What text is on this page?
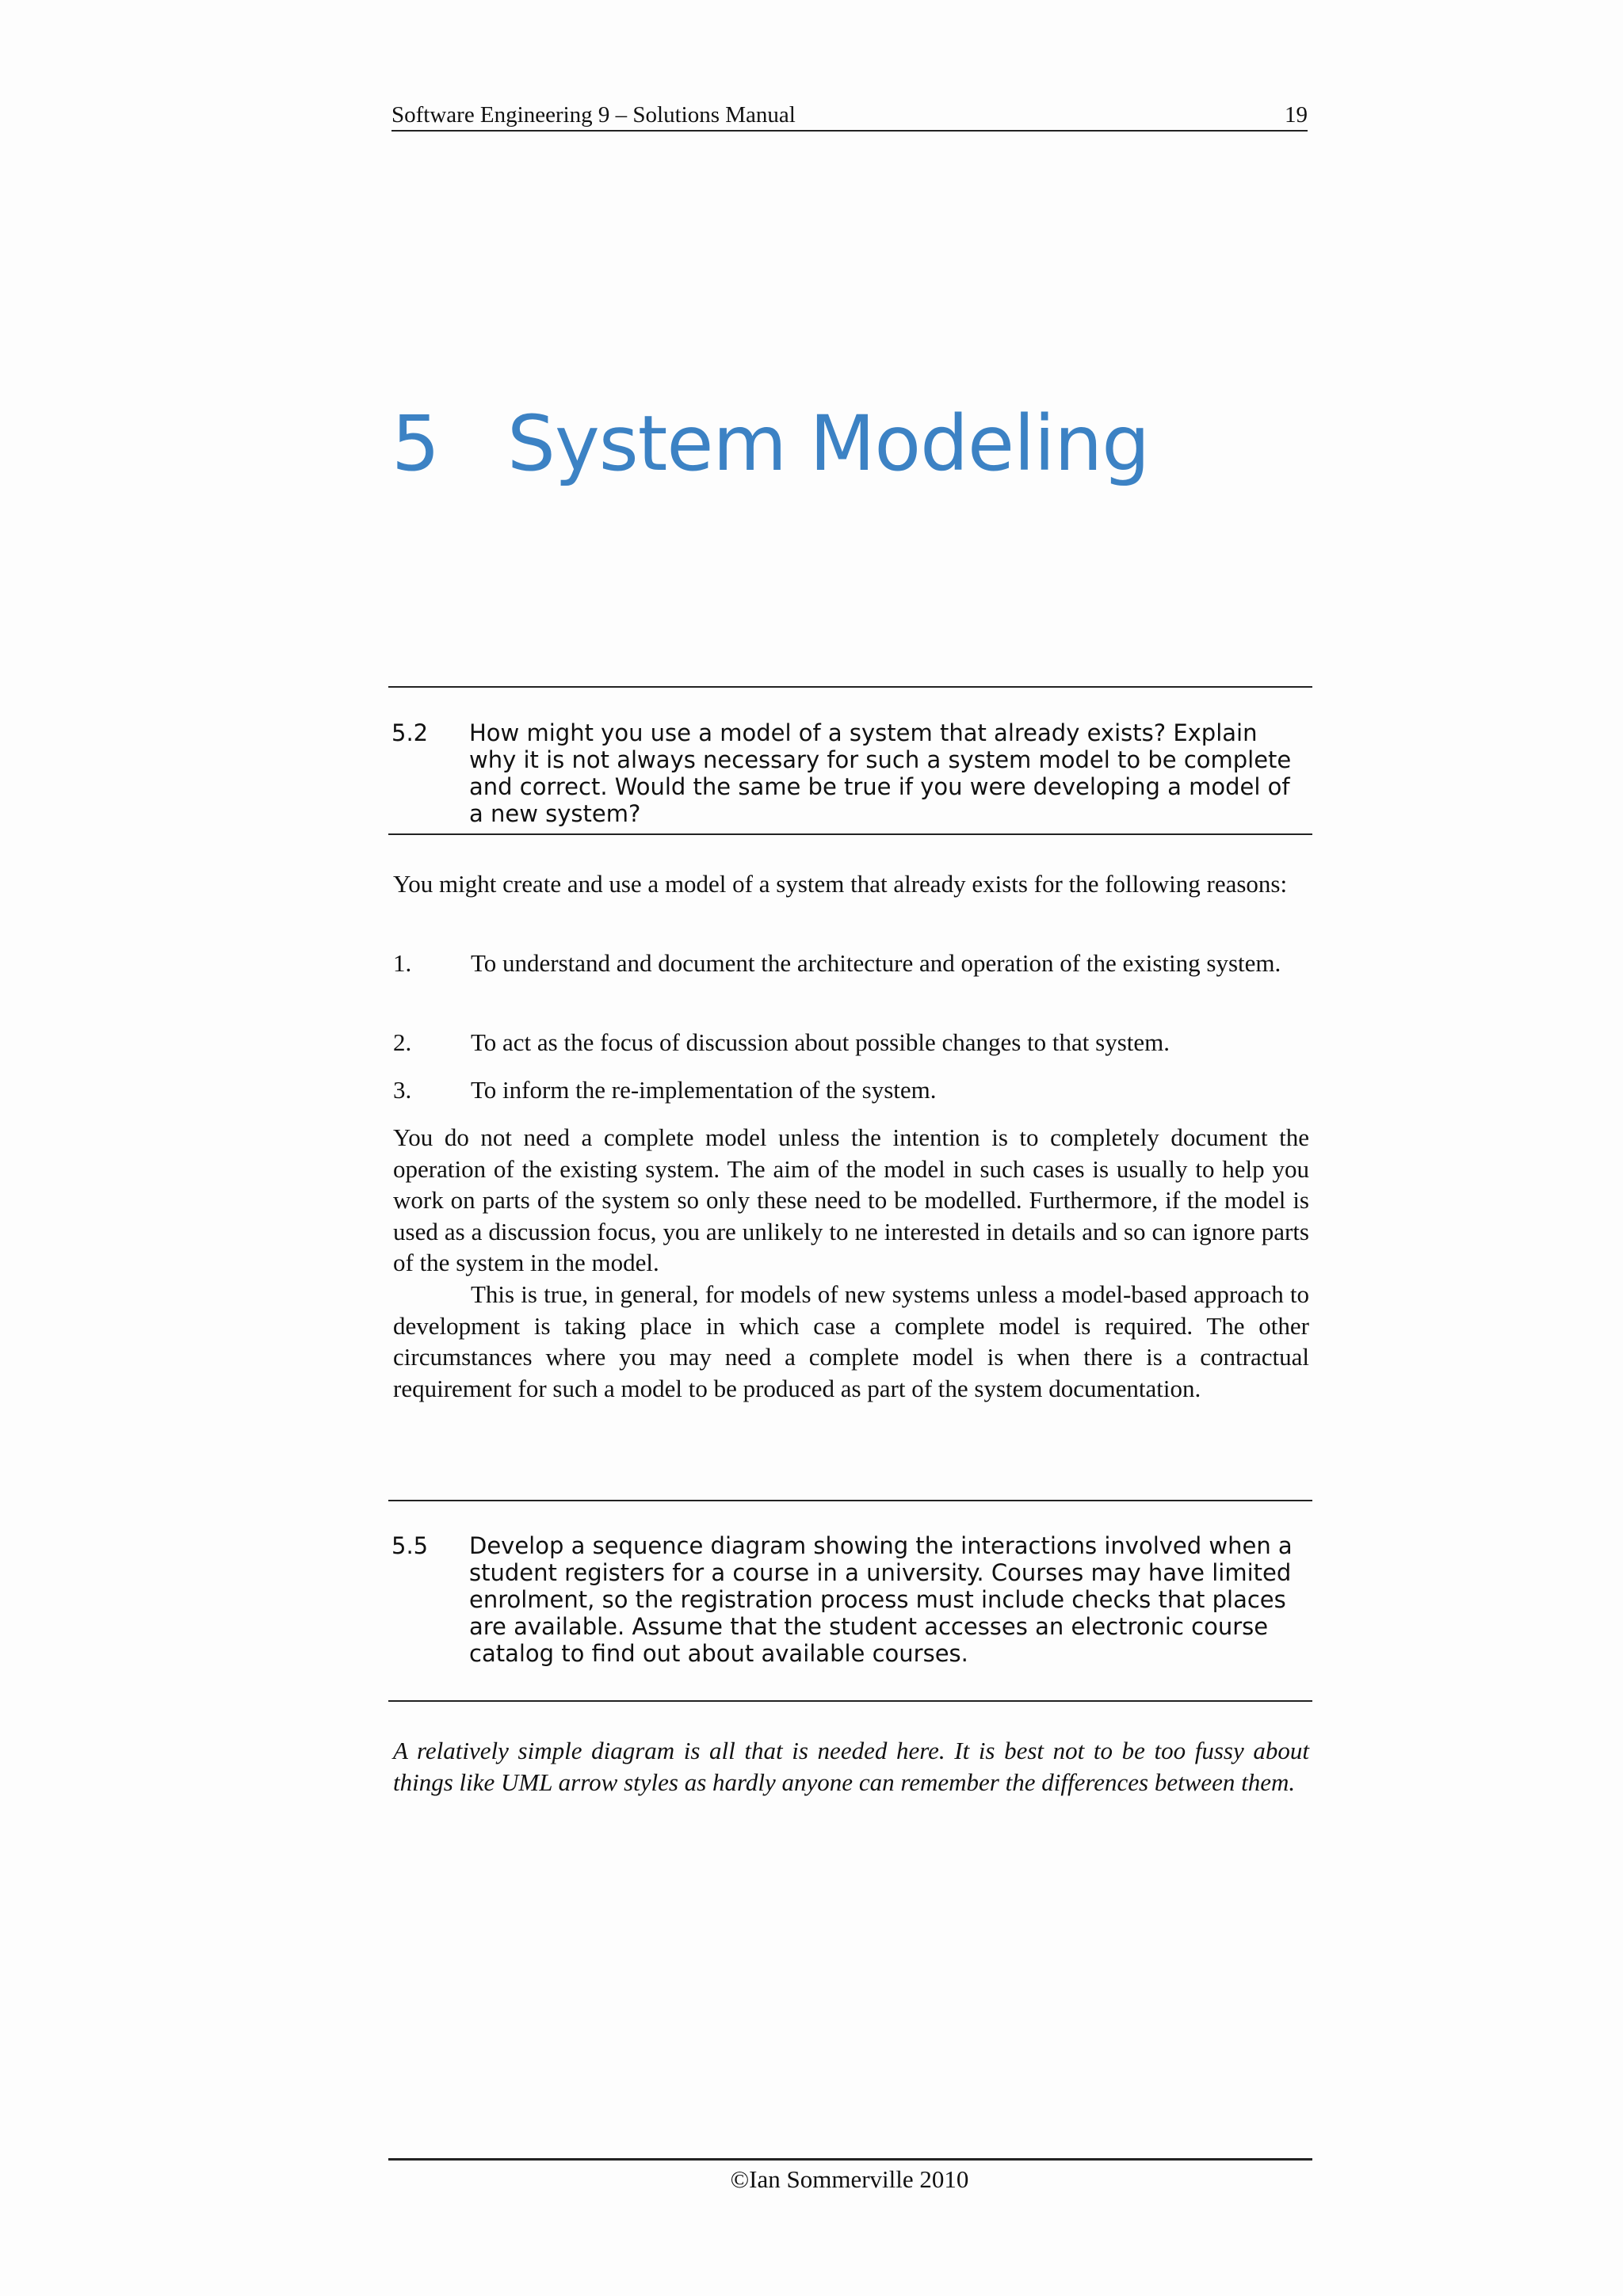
Software Engineering 9 – Solutions Manual	19
5 System Modeling
5.2	How might you use a model of a system that already exists? Explain why it is not always necessary for such a system model to be complete and correct. Would the same be true if you were developing a model of a new system?
You might create and use a model of a system that already exists for the following reasons:
1.	To understand and document the architecture and operation of the existing system.
2.	To act as the focus of discussion about possible changes to that system.
3.	To inform the re-implementation of the system.
You do not need a complete model unless the intention is to completely document the operation of the existing system. The aim of the model in such cases is usually to help you work on parts of the system so only these need to be modelled. Furthermore, if the model is used as a discussion focus, you are unlikely to ne interested in details and so can ignore parts of the system in the model.
This is true, in general, for models of new systems unless a model-based approach to development is taking place in which case a complete model is required. The other circumstances where you may need a complete model is when there is a contractual requirement for such a model to be produced as part of the system documentation.
5.5	Develop a sequence diagram showing the interactions involved when a student registers for a course in a university. Courses may have limited enrolment, so the registration process must include checks that places are available. Assume that the student accesses an electronic course catalog to find out about available courses.
A relatively simple diagram is all that is needed here. It is best not to be too fussy about things like UML arrow styles as hardly anyone can remember the differences between them.
©Ian Sommerville 2010
